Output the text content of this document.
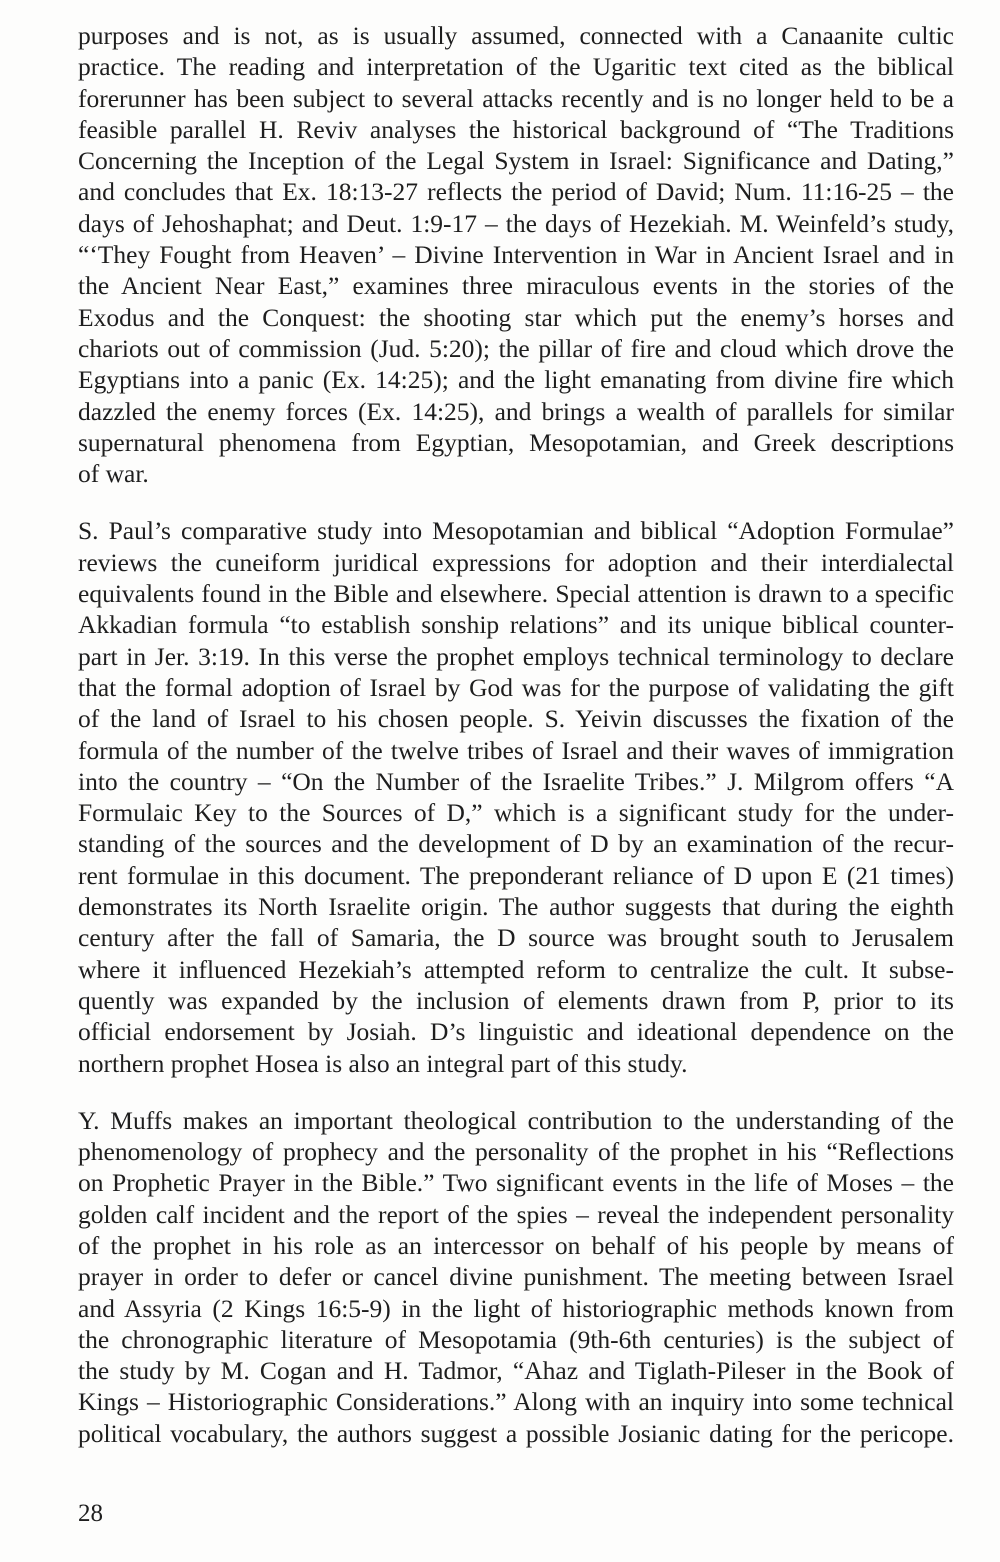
purposes and is not, as is usually assumed, connected with a Canaanite cultic
practice. The reading and interpretation of the Ugaritic text cited as the biblical
forerunner has been subject to several attacks recently and is no longer held to be a
feasible parallel H. Reviv analyses the historical background of “The Traditions
Concerning the Inception of the Legal System in Israel: Significance and Dating,”
and concludes that Ex. 18:13-27 reflects the period of David; Num. 11:16-25 – the
days of Jehoshaphat; and Deut. 1:9-17 – the days of Hezekiah. M. Weinfeld’s study,
“‘They Fought from Heaven’ – Divine Intervention in War in Ancient Israel and in
the Ancient Near East,” examines three miraculous events in the stories of the
Exodus and the Conquest: the shooting star which put the enemy’s horses and
chariots out of commission (Jud. 5:20); the pillar of fire and cloud which drove the
Egyptians into a panic (Ex. 14:25); and the light emanating from divine fire which
dazzled the enemy forces (Ex. 14:25), and brings a wealth of parallels for similar
supernatural phenomena from Egyptian, Mesopotamian, and Greek descriptions
of war.

S. Paul’s comparative study into Mesopotamian and biblical “Adoption Formulae”
reviews the cuneiform juridical expressions for adoption and their interdialectal
equivalents found in the Bible and elsewhere. Special attention is drawn to a specific
Akkadian formula “to establish sonship relations” and its unique biblical counter-
part in Jer. 3:19. In this verse the prophet employs technical terminology to declare
that the formal adoption of Israel by God was for the purpose of validating the gift
of the land of Israel to his chosen people. S. Yeivin discusses the fixation of the
formula of the number of the twelve tribes of Israel and their waves of immigration
into the country – “On the Number of the Israelite Tribes.” J. Milgrom offers “A
Formulaic Key to the Sources of D,” which is a significant study for the under-
standing of the sources and the development of D by an examination of the recur-
rent formulae in this document. The preponderant reliance of D upon E (21 times)
demonstrates its North Israelite origin. The author suggests that during the eighth
century after the fall of Samaria, the D source was brought south to Jerusalem
where it influenced Hezekiah’s attempted reform to centralize the cult. It subse-
quently was expanded by the inclusion of elements drawn from P, prior to its
official endorsement by Josiah. D’s linguistic and ideational dependence on the
northern prophet Hosea is also an integral part of this study.

Y. Muffs makes an important theological contribution to the understanding of the
phenomenology of prophecy and the personality of the prophet in his “Reflections
on Prophetic Prayer in the Bible.” Two significant events in the life of Moses – the
golden calf incident and the report of the spies – reveal the independent personality
of the prophet in his role as an intercessor on behalf of his people by means of
prayer in order to defer or cancel divine punishment. The meeting between Israel
and Assyria (2 Kings 16:5-9) in the light of historiographic methods known from
the chronographic literature of Mesopotamia (9th-6th centuries) is the subject of
the study by M. Cogan and H. Tadmor, “Ahaz and Tiglath-Pileser in the Book of
Kings – Historiographic Considerations.” Along with an inquiry into some technical
political vocabulary, the authors suggest a possible Josianic dating for the pericope.

28
